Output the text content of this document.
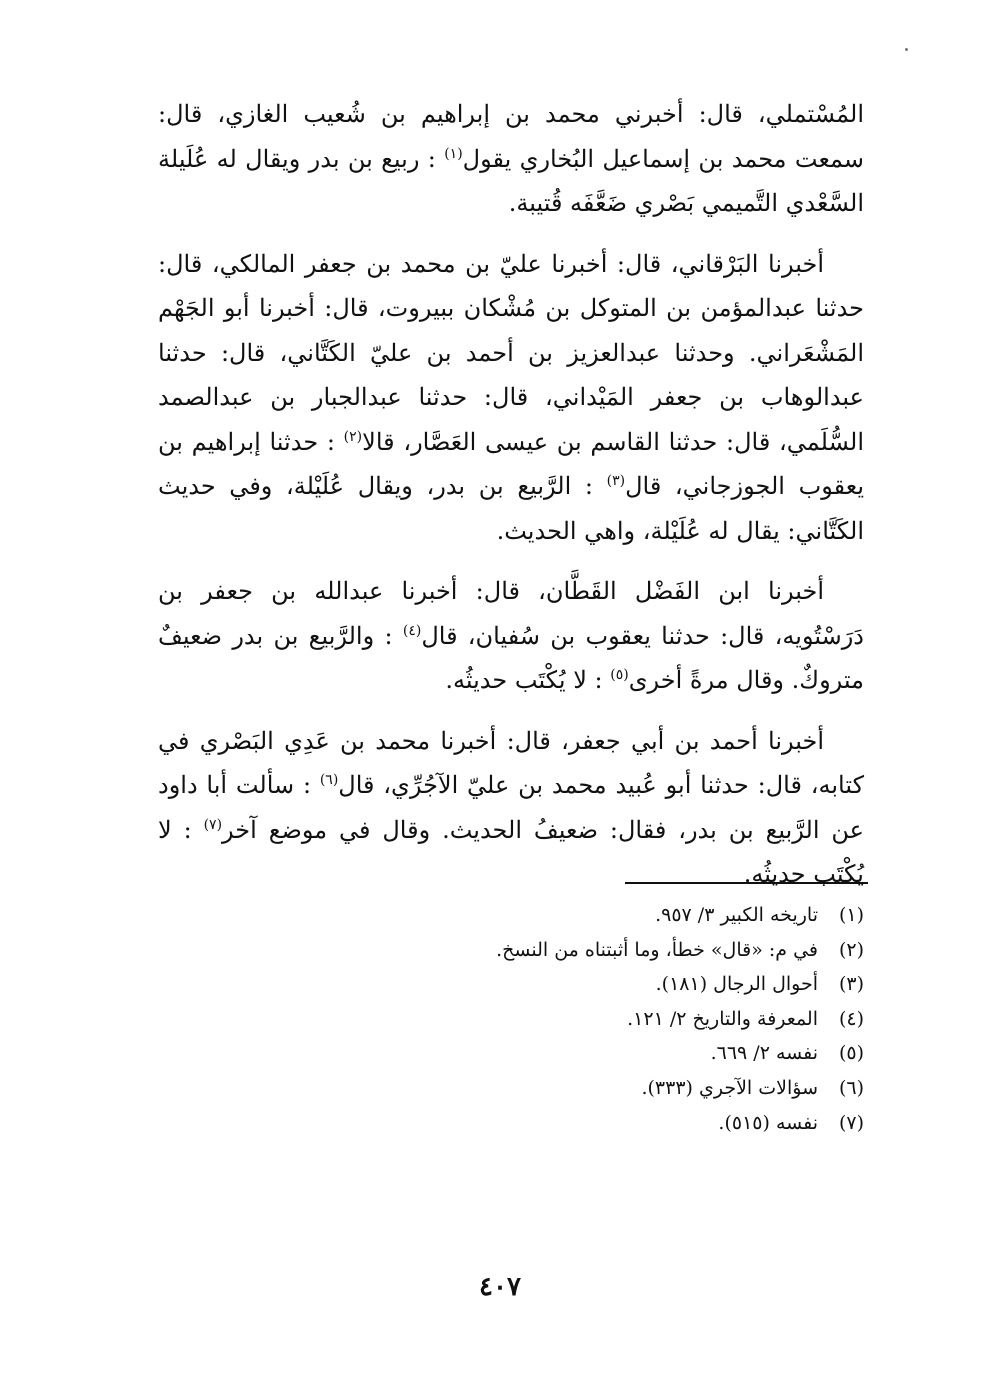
المُسْتملي، قال: أخبرني محمد بن إبراهيم بن شُعيب الغازي، قال: سمعت محمد بن إسماعيل البُخاري يقول$^{(١)}$ : ربيع بن بدر ويقال له عُلَيلة السَّعْدي التَّميمي بَصْري ضَعَّفَه قُتيبة.

أخبرنا البَرْقاني، قال: أخبرنا عليّ بن محمد بن جعفر المالكي، قال: حدثنا عبدالمؤمن بن المتوكل بن مُشْكان ببيروت، قال: أخبرنا أبو الجَهْم المَشْعَراني. وحدثنا عبدالعزيز بن أحمد بن عليّ الكَتَّاني، قال: حدثنا عبدالوهاب بن جعفر المَيْداني، قال: حدثنا عبدالجبار بن عبدالصمد السُّلَمي، قال: حدثنا القاسم بن عيسى العَصَّار، قالا$^{(٢)}$ : حدثنا إبراهيم بن يعقوب الجوزجاني، قال$^{(٣)}$ : الرَّبيع بن بدر، ويقال عُلَيْلة، وفي حديث الكَتَّاني: يقال له عُلَيْلة، واهي الحديث.

أخبرنا ابن الفَضْل القَطَّان، قال: أخبرنا عبدالله بن جعفر بن دَرَسْتُويه، قال: حدثنا يعقوب بن سُفيان، قال$^{(٤)}$ : والرَّبيع بن بدر ضعيفٌ متروكٌ. وقال مرةً أخرى$^{(٥)}$ : لا يُكْتَب حديثُه.

أخبرنا أحمد بن أبي جعفر، قال: أخبرنا محمد بن عَدِي البَصْري في كتابه، قال: حدثنا أبو عُبيد محمد بن عليّ الآجُرِّي، قال$^{(٦)}$ : سألت أبا داود عن الرَّبيع بن بدر، فقال: ضعيفُ الحديث. وقال في موضع آخر$^{(٧)}$ : لا يُكْتَب حديثُه.

(١)
تاريخه الكبير ٣/ ٩٥٧.
(٢)
في م: «قال» خطأ، وما أثبتناه من النسخ.
(٣)
أحوال الرجال (١٨١).
(٤)
المعرفة والتاريخ ٢/ ١٢١.
(٥)
نفسه ٢/ ٦٦٩.
(٦)
سؤالات الآجري (٣٣٣).
(٧)
نفسه (٥١٥).
٤٠٧
